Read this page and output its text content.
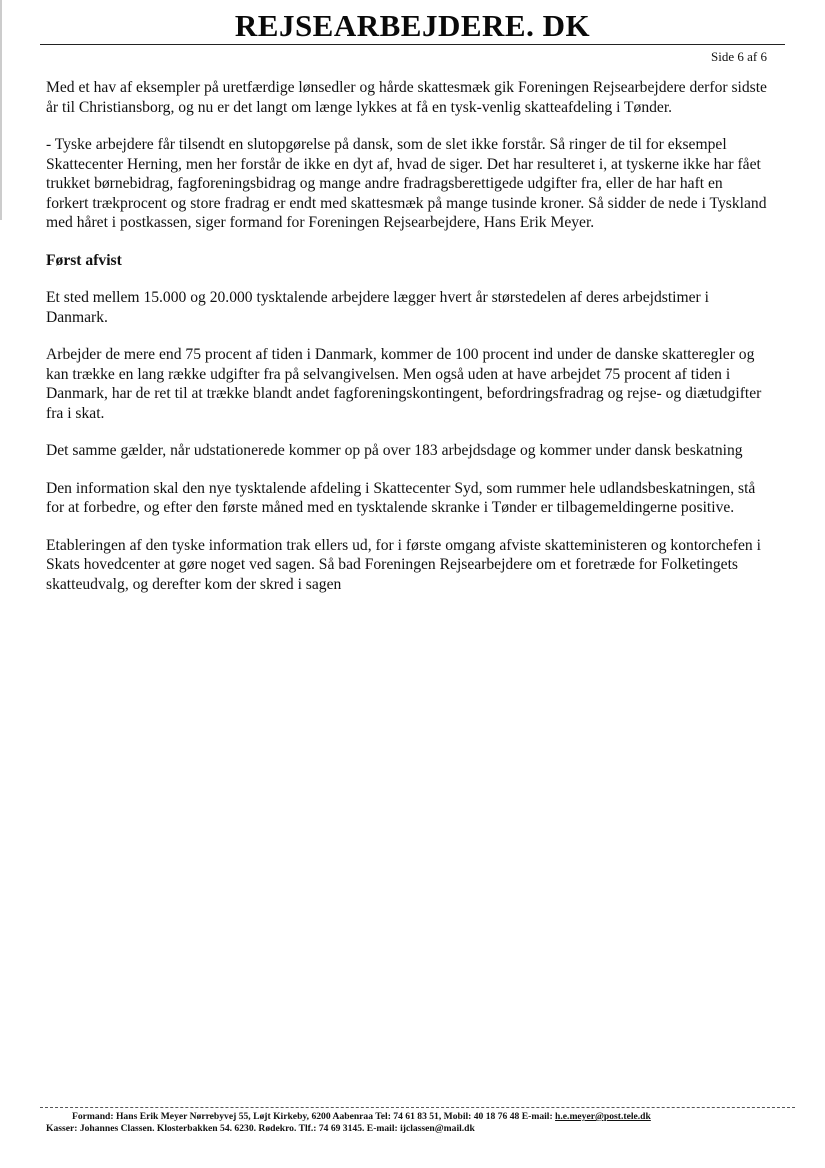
REJSEARBEJDERE. DK
Side 6 af 6

Med et hav af eksempler på uretfærdige lønsedler og hårde skattesmæk gik Foreningen Rejsearbejdere derfor sidste år til Christiansborg, og nu er det langt om længe lykkes at få en tysk-venlig skatteafdeling i Tønder.

- Tyske arbejdere får tilsendt en slutopgørelse på dansk, som de slet ikke forstår. Så ringer de til for eksempel Skattecenter Herning, men her forstår de ikke en dyt af, hvad de siger. Det har resulteret i, at tyskerne ikke har fået trukket børnebidrag, fagforeningsbidrag og mange andre fradragsberettigede udgifter fra, eller de har haft en forkert trækprocent og store fradrag er endt med skattesmæk på mange tusinde kroner. Så sidder de nede i Tyskland med håret i postkassen, siger formand for Foreningen Rejsearbejdere, Hans Erik Meyer.

Først afvist

Et sted mellem 15.000 og 20.000 tysktalende arbejdere lægger hvert år størstedelen af deres arbejdstimer i Danmark.

Arbejder de mere end 75 procent af tiden i Danmark, kommer de 100 procent ind under de danske skatteregler og kan trække en lang række udgifter fra på selvangivelsen. Men også uden at have arbejdet 75 procent af tiden i Danmark, har de ret til at trække blandt andet fagforeningskontingent, befordringsfradrag og rejse- og diætudgifter fra i skat.

Det samme gælder, når udstationerede kommer op på over 183 arbejdsdage og kommer under dansk beskatning

Den information skal den nye tysktalende afdeling i Skattecenter Syd, som rummer hele udlandsbeskatningen, stå for at forbedre, og efter den første måned med en tysktalende skranke i Tønder er tilbagemeldingerne positive.

Etableringen af den tyske information trak ellers ud, for i første omgang afviste skatteministeren og kontorchefen i Skats hovedcenter at gøre noget ved sagen. Så bad Foreningen Rejsearbejdere om et foretræde for Folketingets skatteudvalg, og derefter kom der skred i sagen

Formand: Hans Erik Meyer Nørrebyvej 55, Løjt Kirkeby, 6200 Aabenraa Tel: 74 61 83 51, Mobil: 40 18 76 48 E-mail: h.e.meyer@post.tele.dk
Kasser: Johannes Classen. Klosterbakken 54. 6230. Rødekro. Tlf.: 74 69 3145. E-mail: ijclassen@mail.dk
